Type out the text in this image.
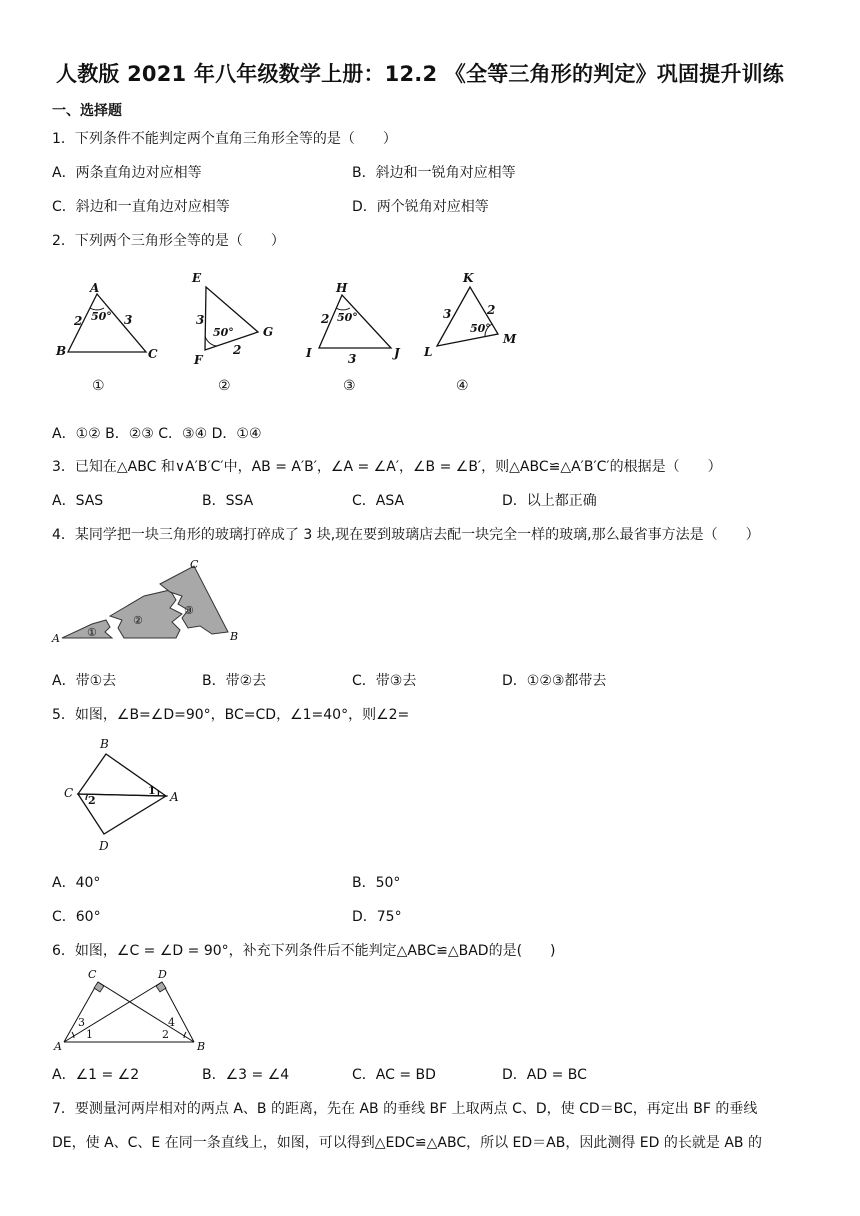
人教版 2021 年八年级数学上册：12.2 《全等三角形的判定》巩固提升训练
一、选择题
1．下列条件不能判定两个直角三角形全等的是（　　）
A．两条直角边对应相等	B．斜边和一锐角对应相等
C．斜边和一直角边对应相等	D．两个锐角对应相等
2．下列两个三角形全等的是（　　）
A
B	C
2	3
50°
E
F
G
3
2
50°
H
I	J
2
3
50°
K
L
M
3	2
50°
①	②	③	④
A．①② B．②③ C．③④ D．①④
3．已知在△ABC 和∨A′B′C′中，AB = A′B′，∠A = ∠A′，∠B = ∠B′，则△ABC≌△A′B′C′的根据是（　　）
A．SAS	B．SSA	C．ASA	D．以上都正确
4．某同学把一块三角形的玻璃打碎成了 3 块,现在要到玻璃店去配一块完全一样的玻璃,那么最省事方法是（　　）
A	B
C
①
②
③
A．带①去	B．带②去	C．带③去	D．①②③都带去
5．如图，∠B=∠D=90°，BC=CD，∠1=40°，则∠2=
B
C	A
D
1
2
A．40°	B．50°
C．60°	D．75°
6．如图，∠C = ∠D = 90°，补充下列条件后不能判定△ABC≌△BAD的是(　　)
C	D
A	B
1	2
3	4
A．∠1 = ∠2	B．∠3 = ∠4	C．AC = BD	D．AD = BC
7．要测量河两岸相对的两点 A、B 的距离，先在 AB 的垂线 BF 上取两点 C、D，使 CD＝BC，再定出 BF 的垂线
DE，使 A、C、E 在同一条直线上，如图，可以得到△EDC≌△ABC，所以 ED＝AB，因此测得 ED 的长就是 AB 的
